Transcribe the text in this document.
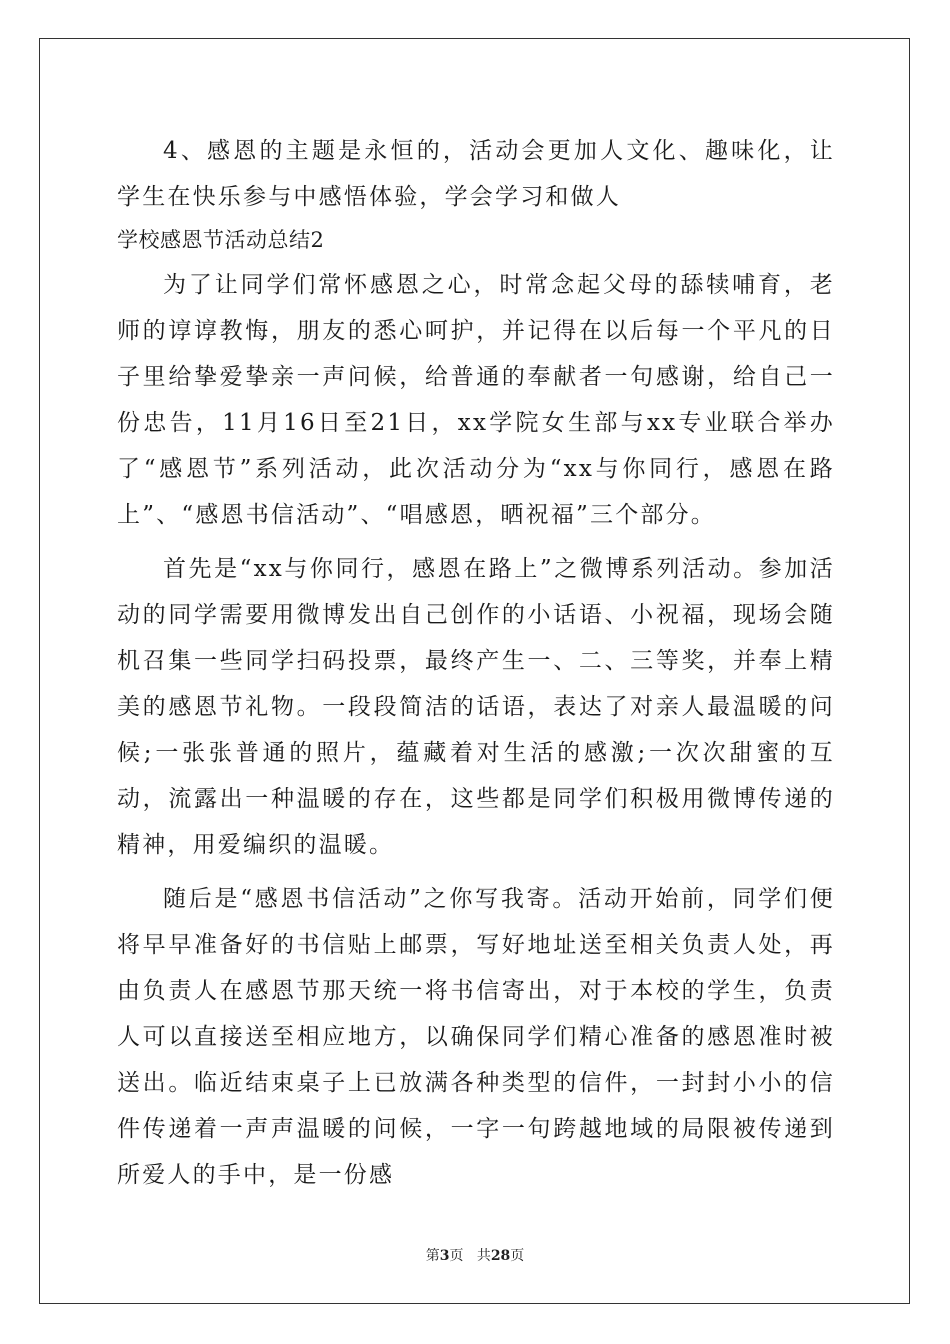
4、感恩的主题是永恒的，活动会更加人文化、趣味化，让学生在快乐参与中感悟体验，学会学习和做人

学校感恩节活动总结2

为了让同学们常怀感恩之心，时常念起父母的舔犊哺育，老师的谆谆教悔，朋友的悉心呵护，并记得在以后每一个平凡的日子里给挚爱挚亲一声问候，给普通的奉献者一句感谢，给自己一份忠告，11月16日至21日，xx学院女生部与xx专业联合举办了“感恩节”系列活动，此次活动分为“xx与你同行，感恩在路上”、“感恩书信活动”、“唱感恩，晒祝福”三个部分。

首先是“xx与你同行，感恩在路上”之微博系列活动。参加活动的同学需要用微博发出自己创作的小话语、小祝福，现场会随机召集一些同学扫码投票，最终产生一、二、三等奖，并奉上精美的感恩节礼物。一段段简洁的话语，表达了对亲人最温暖的问候;一张张普通的照片，蕴藏着对生活的感激;一次次甜蜜的互动，流露出一种温暖的存在，这些都是同学们积极用微博传递的精神，用爱编织的温暖。

随后是“感恩书信活动”之你写我寄。活动开始前，同学们便将早早准备好的书信贴上邮票，写好地址送至相关负责人处，再由负责人在感恩节那天统一将书信寄出，对于本校的学生，负责人可以直接送至相应地方，以确保同学们精心准备的感恩准时被送出。临近结束桌子上已放满各种类型的信件，一封封小小的信件传递着一声声温暖的问候，一字一句跨越地域的局限被传递到所爱人的手中，是一份感

第3页 共28页
